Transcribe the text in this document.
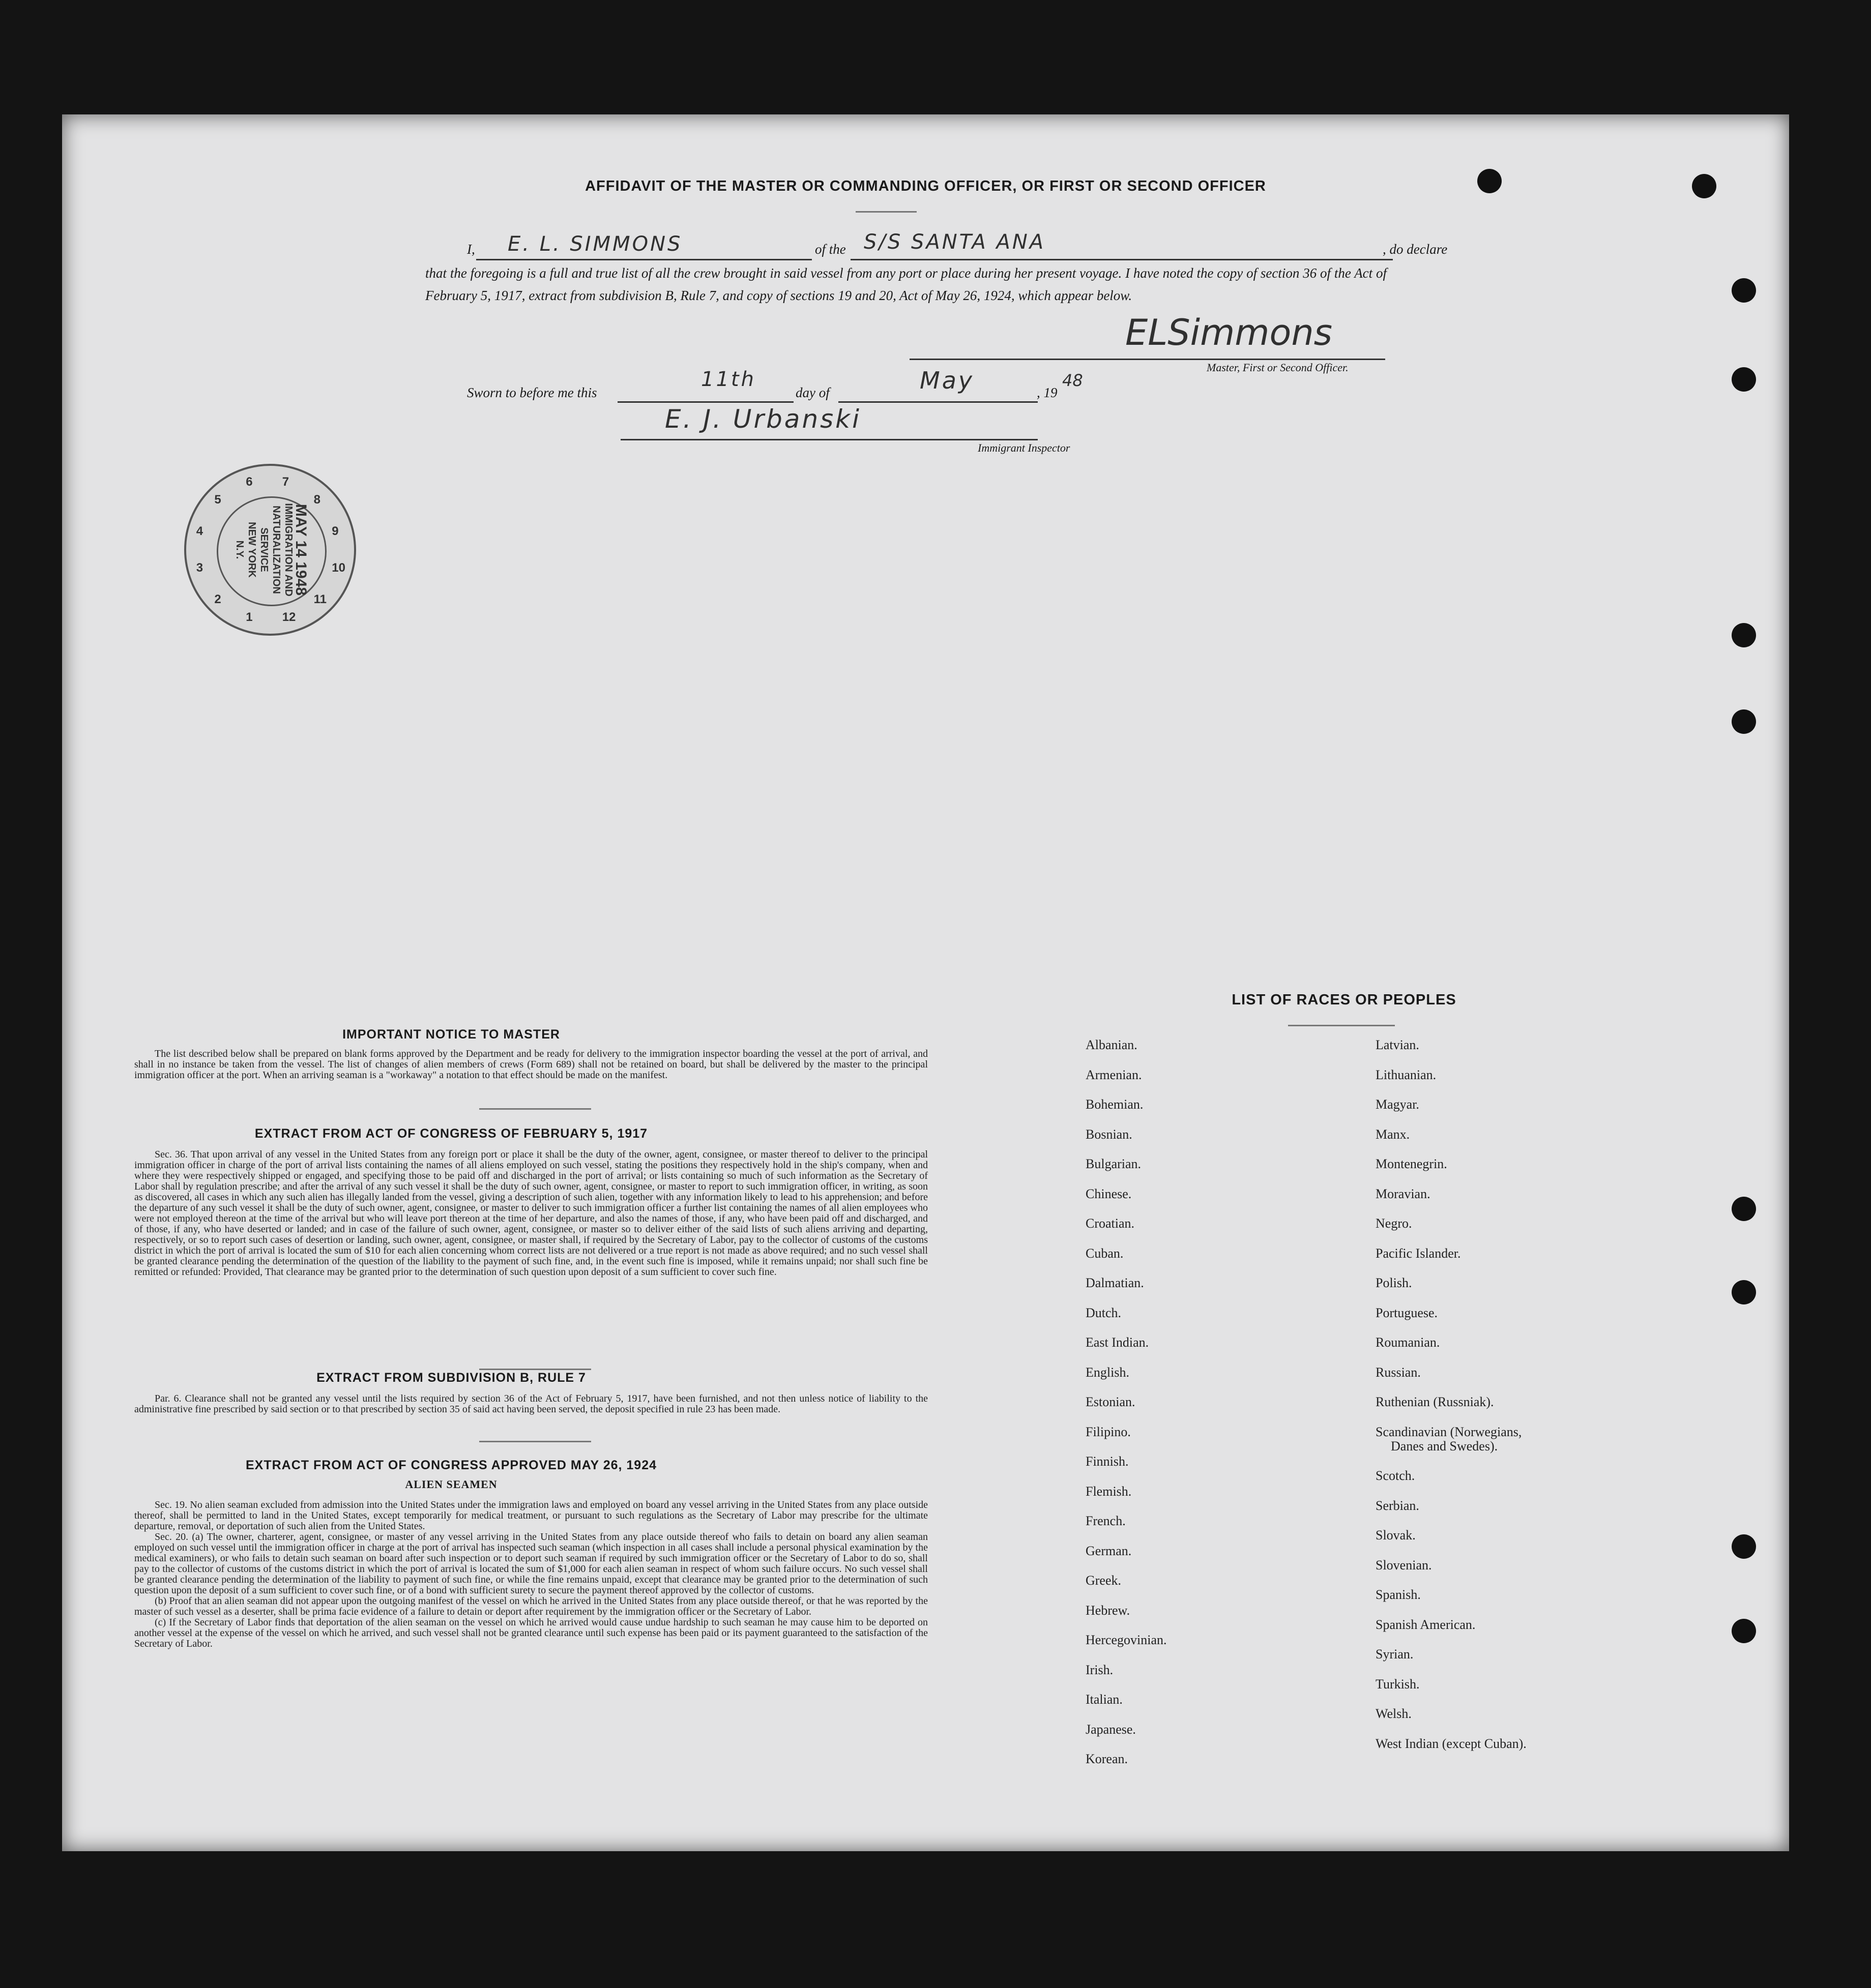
AFFIDAVIT OF THE MASTER OR COMMANDING OFFICER, OR FIRST OR SECOND OFFICER
I, E. L. SIMMONS	of the S/S SANTA ANA	, do declare
that the foregoing is a full and true list of all the crew brought in said vessel from any port or place during her present voyage. I have noted the copy of section 36 of the Act of February 5, 1917, extract from subdivision B, Rule 7, and copy of sections 19 and 20, Act of May 26, 1924, which appear below.
ELSimmons
Master, First or Second Officer.
Sworn to before me this
11th
day of	May	, 19
48
E. J. Urbanski
Immigrant Inspector
MAY 14 1948
IMMIGRATION AND
NATURALIZATION
SERVICE
NEW YORK
N.Y.
5
6 7
8
9
10
11
12
1
2
3
4
IMPORTANT NOTICE TO MASTER

The list described below shall be prepared on blank forms approved by the Department and be ready for delivery to the immigration inspector boarding the vessel at the port of arrival, and shall in no instance be taken from the vessel. The list of changes of alien members of crews (Form 689) shall not be retained on board, but shall be delivered by the master to the principal immigration officer at the port. When an arriving seaman is a "workaway" a notation to that effect should be made on the manifest.

EXTRACT FROM ACT OF CONGRESS OF FEBRUARY 5, 1917

Sec. 36. That upon arrival of any vessel in the United States from any foreign port or place it shall be the duty of the owner, agent, consignee, or master thereof to deliver to the principal immigration officer in charge of the port of arrival lists containing the names of all aliens employed on such vessel, stating the positions they respectively hold in the ship's company, when and where they were respectively shipped or engaged, and specifying those to be paid off and discharged in the port of arrival; or lists containing so much of such information as the Secretary of Labor shall by regulation prescribe; and after the arrival of any such vessel it shall be the duty of such owner, agent, consignee, or master to report to such immigration officer, in writing, as soon as discovered, all cases in which any such alien has illegally landed from the vessel, giving a description of such alien, together with any information likely to lead to his apprehension; and before the departure of any such vessel it shall be the duty of such owner, agent, consignee, or master to deliver to such immigration officer a further list containing the names of all alien employees who were not employed thereon at the time of the arrival but who will leave port thereon at the time of her departure, and also the names of those, if any, who have been paid off and discharged, and of those, if any, who have deserted or landed; and in case of the failure of such owner, agent, consignee, or master so to deliver either of the said lists of such aliens arriving and departing, respectively, or so to report such cases of desertion or landing, such owner, agent, consignee, or master shall, if required by the Secretary of Labor, pay to the collector of customs of the customs district in which the port of arrival is located the sum of $10 for each alien concerning whom correct lists are not delivered or a true report is not made as above required; and no such vessel shall be granted clearance pending the determination of the question of the liability to the payment of such fine, and, in the event such fine is imposed, while it remains unpaid; nor shall such fine be remitted or refunded: Provided, That clearance may be granted prior to the determination of such question upon deposit of a sum sufficient to cover such fine.

EXTRACT FROM SUBDIVISION B, RULE 7

Par. 6. Clearance shall not be granted any vessel until the lists required by section 36 of the Act of February 5, 1917, have been furnished, and not then unless notice of liability to the administrative fine prescribed by said section or to that prescribed by section 35 of said act having been served, the deposit specified in rule 23 has been made.

EXTRACT FROM ACT OF CONGRESS APPROVED MAY 26, 1924
ALIEN SEAMEN

Sec. 19. No alien seaman excluded from admission into the United States under the immigration laws and employed on board any vessel arriving in the United States from any place outside thereof, shall be permitted to land in the United States, except temporarily for medical treatment, or pursuant to such regulations as the Secretary of Labor may prescribe for the ultimate departure, removal, or deportation of such alien from the United States.

Sec. 20. (a) The owner, charterer, agent, consignee, or master of any vessel arriving in the United States from any place outside thereof who fails to detain on board any alien seaman employed on such vessel until the immigration officer in charge at the port of arrival has inspected such seaman (which inspection in all cases shall include a personal physical examination by the medical examiners), or who fails to detain such seaman on board after such inspection or to deport such seaman if required by such immigration officer or the Secretary of Labor to do so, shall pay to the collector of customs of the customs district in which the port of arrival is located the sum of $1,000 for each alien seaman in respect of whom such failure occurs. No such vessel shall be granted clearance pending the determination of the liability to payment of such fine, or while the fine remains unpaid, except that clearance may be granted prior to the determination of such question upon the deposit of a sum sufficient to cover such fine, or of a bond with sufficient surety to secure the payment thereof approved by the collector of customs.

(b) Proof that an alien seaman did not appear upon the outgoing manifest of the vessel on which he arrived in the United States from any place outside thereof, or that he was reported by the master of such vessel as a deserter, shall be prima facie evidence of a failure to detain or deport after requirement by the immigration officer or the Secretary of Labor.

(c) If the Secretary of Labor finds that deportation of the alien seaman on the vessel on which he arrived would cause undue hardship to such seaman he may cause him to be deported on another vessel at the expense of the vessel on which he arrived, and such vessel shall not be granted clearance until such expense has been paid or its payment guaranteed to the satisfaction of the Secretary of Labor.

LIST OF RACES OR PEOPLES
Albanian.
Armenian.
Bohemian.
Bosnian.
Bulgarian.
Chinese.
Croatian.
Cuban.
Dalmatian.
Dutch.
East Indian.
English.
Estonian.
Filipino.
Finnish.
Flemish.
French.
German.
Greek.
Hebrew.
Hercegovinian.
Irish.
Italian.
Japanese.
Korean.
Latvian.
Lithuanian.
Magyar.
Manx.
Montenegrin.
Moravian.
Negro.
Pacific Islander.
Polish.
Portuguese.
Roumanian.
Russian.
Ruthenian (Russniak).
Scandinavian (Norwegians,
Danes and Swedes).
Scotch.
Serbian.
Slovak.
Slovenian.
Spanish.
Spanish American.
Syrian.
Turkish.
Welsh.
West Indian (except Cuban).
